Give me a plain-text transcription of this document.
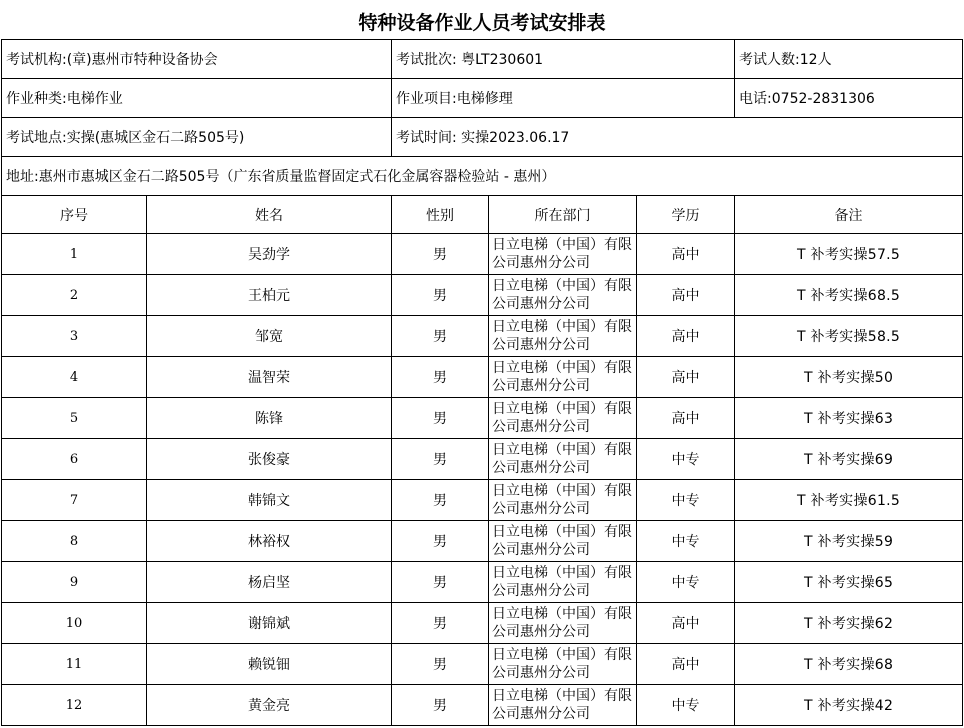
特种设备作业人员考试安排表
考试机构:(章)惠州市特种设备协会		考试批次: 粤LT230601			考试人数:12人
作业种类:电梯作业		作业项目:电梯修理			电话:0752-2831306
考试地点:实操(惠城区金石二路505号)		考试时间: 实操2023.06.17			
地址:惠州市惠城区金石二路505号（广东省质量监督固定式石化金属容器检验站 - 惠州）					
序号	姓名	性别	所在部门	学历	备注
1	吴劲学	男	日立电梯（中国）有限公司惠州分公司	高中	T 补考实操57.5
2	王柏元	男	日立电梯（中国）有限公司惠州分公司	高中	T 补考实操68.5
3	邹宽	男	日立电梯（中国）有限公司惠州分公司	高中	T 补考实操58.5
4	温智荣	男	日立电梯（中国）有限公司惠州分公司	高中	T 补考实操50
5	陈锋	男	日立电梯（中国）有限公司惠州分公司	高中	T 补考实操63
6	张俊豪	男	日立电梯（中国）有限公司惠州分公司	中专	T 补考实操69
7	韩锦文	男	日立电梯（中国）有限公司惠州分公司	中专	T 补考实操61.5
8	林裕权	男	日立电梯（中国）有限公司惠州分公司	中专	T 补考实操59
9	杨启坚	男	日立电梯（中国）有限公司惠州分公司	中专	T 补考实操65
10	谢锦斌	男	日立电梯（中国）有限公司惠州分公司	高中	T 补考实操62
11	赖锐钿	男	日立电梯（中国）有限公司惠州分公司	高中	T 补考实操68
12	黄金亮	男	日立电梯（中国）有限公司惠州分公司	中专	T 补考实操42
